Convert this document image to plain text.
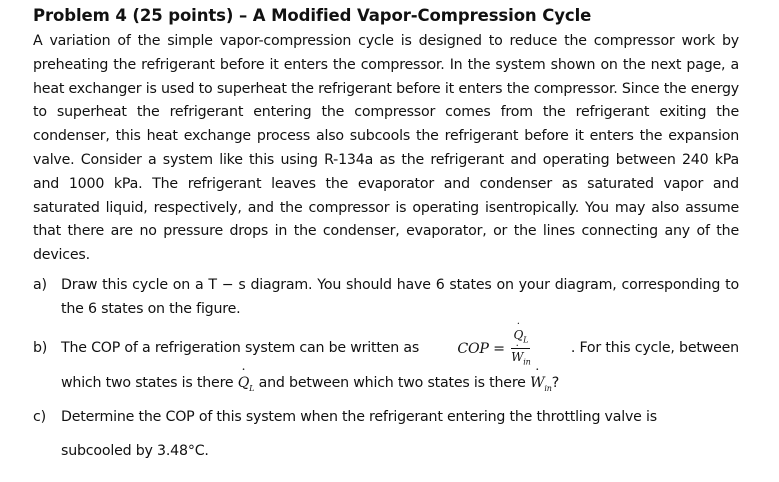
Problem 4 (25 points) – A Modified Vapor-Compression Cycle

A variation of the simple vapor-compression cycle is designed to reduce the compressor work by preheating the refrigerant before it enters the compressor. In the system shown on the next page, a heat exchanger is used to superheat the refrigerant before it enters the compressor. Since the energy to superheat the refrigerant entering the compressor comes from the refrigerant exiting the condenser, this heat exchange process also subcools the refrigerant before it enters the expansion valve. Consider a system like this using R-134a as the refrigerant and operating between 240 kPa and 1000 kPa. The refrigerant leaves the evaporator and condenser as saturated vapor and saturated liquid, respectively, and the compressor is operating isentropically. You may also assume that there are no pressure drops in the condenser, evaporator, or the lines connecting any of the devices.

a) Draw this cycle on a T − s diagram. You should have 6 states on your diagram, corresponding to the 6 states on the figure.
b) The COP of a refrigeration system can be written as	COP = ˙ $Q_L$
˙ $W_{in}$	. For this cycle, between
which two states is there ˙ $Q_L$ and between which two states is there ˙ $W_{in}$?
c) Determine the COP of this system when the refrigerant entering the throttling valve is
subcooled by 3.48°C.
